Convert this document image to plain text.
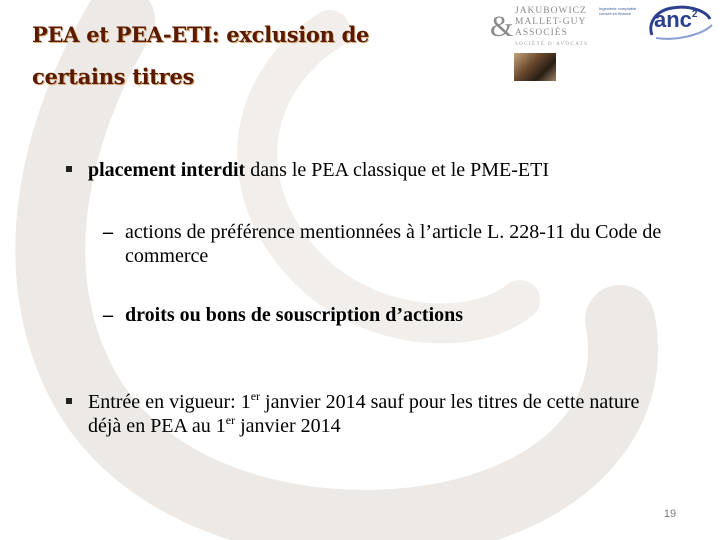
PEA et PEA-ETI: exclusion de certains titres
& JAKUBOWICZ MALLET-GUY ASSOCIÉS
SOCIÉTÉ D’AVOCATS
Ingénierie comptable · conseil en finance	anc$^2$
placement interdit dans le PEA classique et le PME-ETI
– actions de préférence mentionnées à l’article L. 228-11 du Code de commerce
– droits ou bons de souscription d’actions
Entrée en vigueur: 1er janvier 2014 sauf pour les titres de cette nature déjà en PEA au 1er janvier 2014
19
